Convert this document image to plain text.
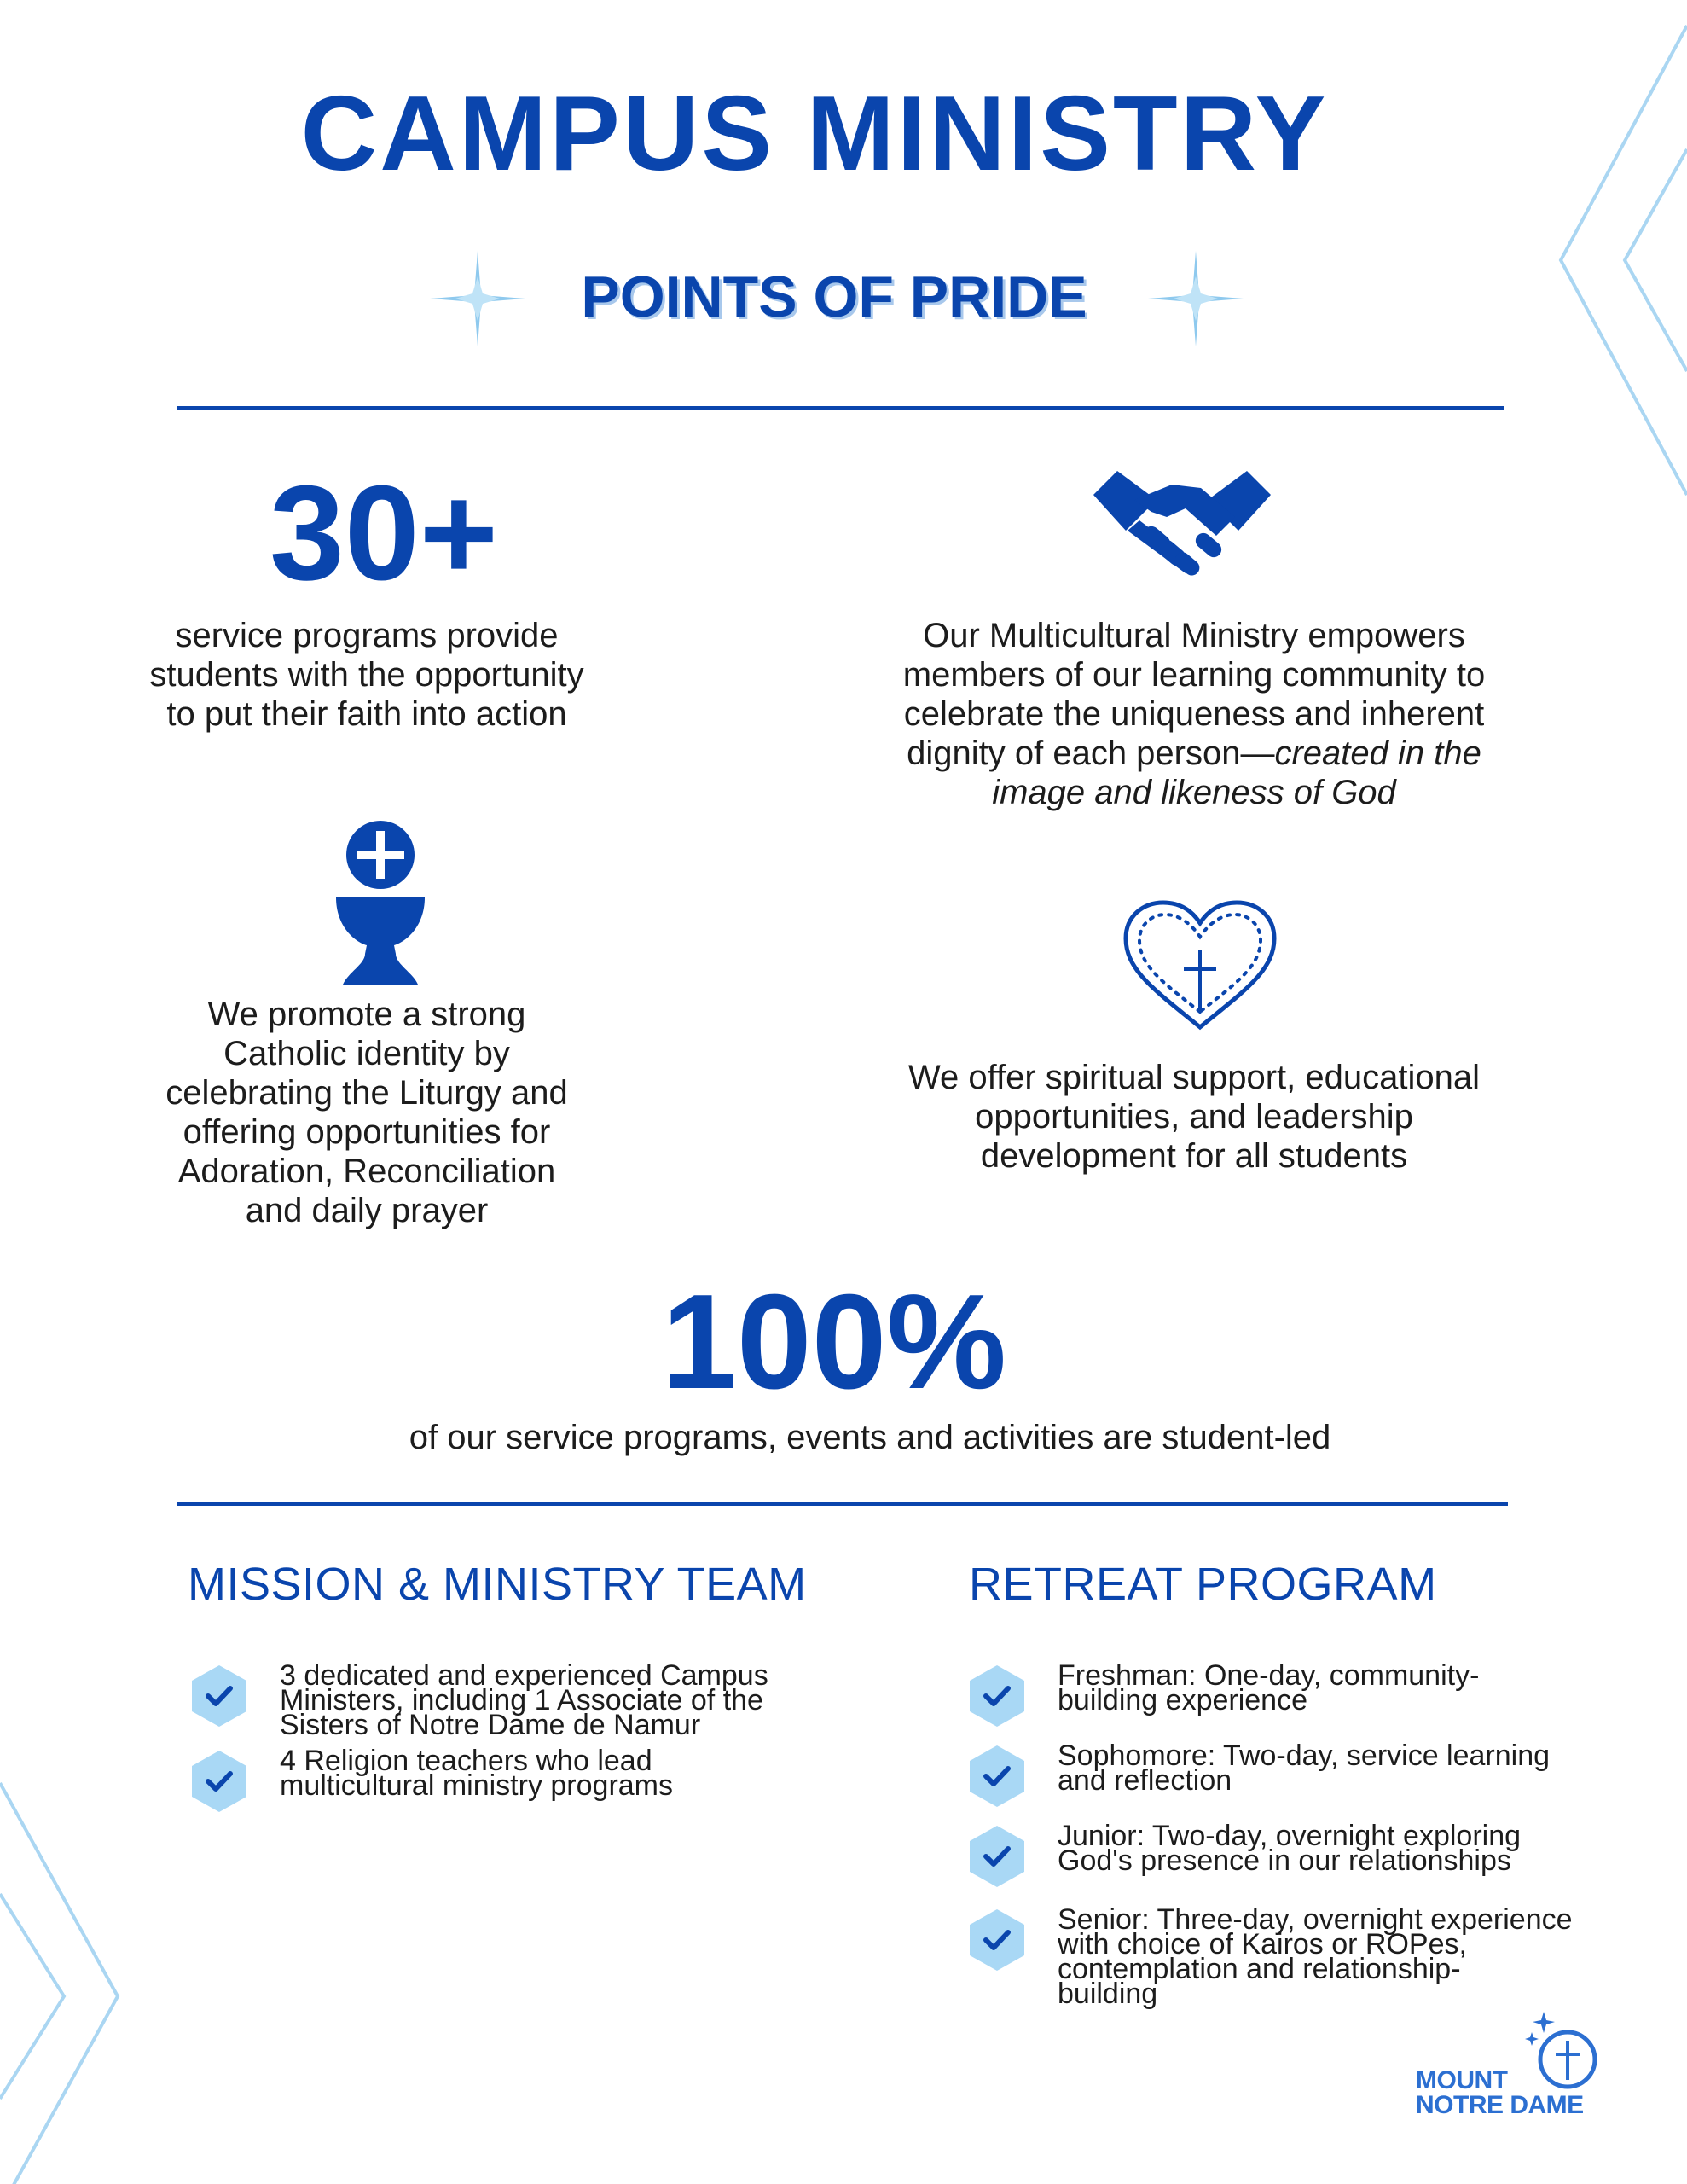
CAMPUS MINISTRY
POINTS OF PRIDE
30+
service programs provide
students with the opportunity
to put their faith into action
Our Multicultural Ministry empowers
members of our learning community to
celebrate the uniqueness and inherent
dignity of each person—created in the
image and likeness of God
We promote a strong
Catholic identity by
celebrating the Liturgy and
offering opportunities for
Adoration, Reconciliation
and daily prayer
We offer spiritual support, educational
opportunities, and leadership
development for all students
100%
of our service programs, events and activities are student-led
MISSION & MINISTRY TEAM
3 dedicated and experienced Campus
Ministers, including 1 Associate of the
Sisters of Notre Dame de Namur
4 Religion teachers who lead
multicultural ministry programs
RETREAT PROGRAM
Freshman: One-day, community-
building experience
Sophomore: Two-day, service learning
and reflection
Junior: Two-day, overnight exploring
God's presence in our relationships
Senior: Three-day, overnight experience
with choice of Kairos or ROPes,
contemplation and relationship-
building
MOUNT
NOTRE DAME
